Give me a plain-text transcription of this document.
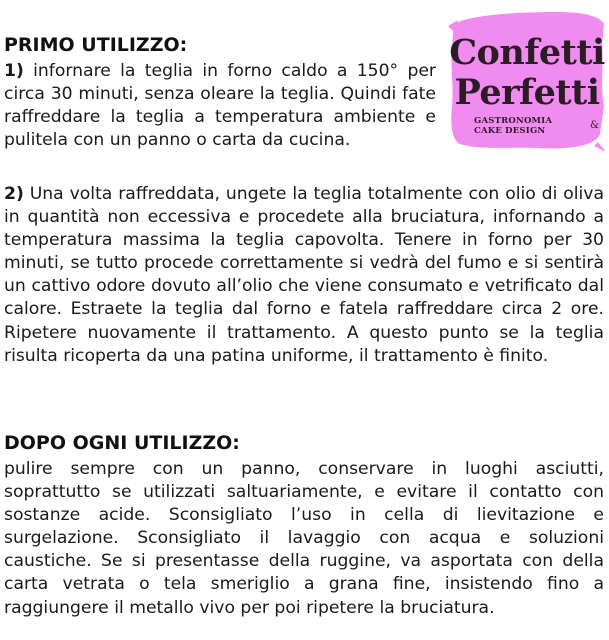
Confetti
Perfetti
GASTRONOMIA
CAKE DESIGN	&
PRIMO UTILIZZO:

1) infornare la teglia in forno caldo a 150° per circa 30 minuti, senza oleare la teglia. Quindi fate raffreddare la teglia a temperatura ambiente e pulitela con un panno o carta da cucina.

2) Una volta raffreddata, ungete la teglia totalmente con olio di oliva in quantità non eccessiva e procedete alla bruciatura, infornando a temperatura massima la teglia capovolta. Tenere in forno per 30 minuti, se tutto procede correttamente si vedrà del fumo e si sentirà un cattivo odore dovuto all’olio che viene consumato e vetrificato dal calore. Estraete la teglia dal forno e fatela raffreddare circa 2 ore. Ripetere nuovamente il trattamento. A questo punto se la teglia risulta ricoperta da una patina uniforme, il trattamento è finito.

DOPO OGNI UTILIZZO:

pulire sempre con un panno, conservare in luoghi asciutti, soprattutto se utilizzati saltuariamente, e evitare il contatto con sostanze acide. Sconsigliato l’uso in cella di lievitazione e surgelazione. Sconsigliato il lavaggio con acqua e soluzioni caustiche. Se si presentasse della ruggine, va asportata con della carta vetrata o tela smeriglio a grana fine, insistendo fino a raggiungere il metallo vivo per poi ripetere la bruciatura.
